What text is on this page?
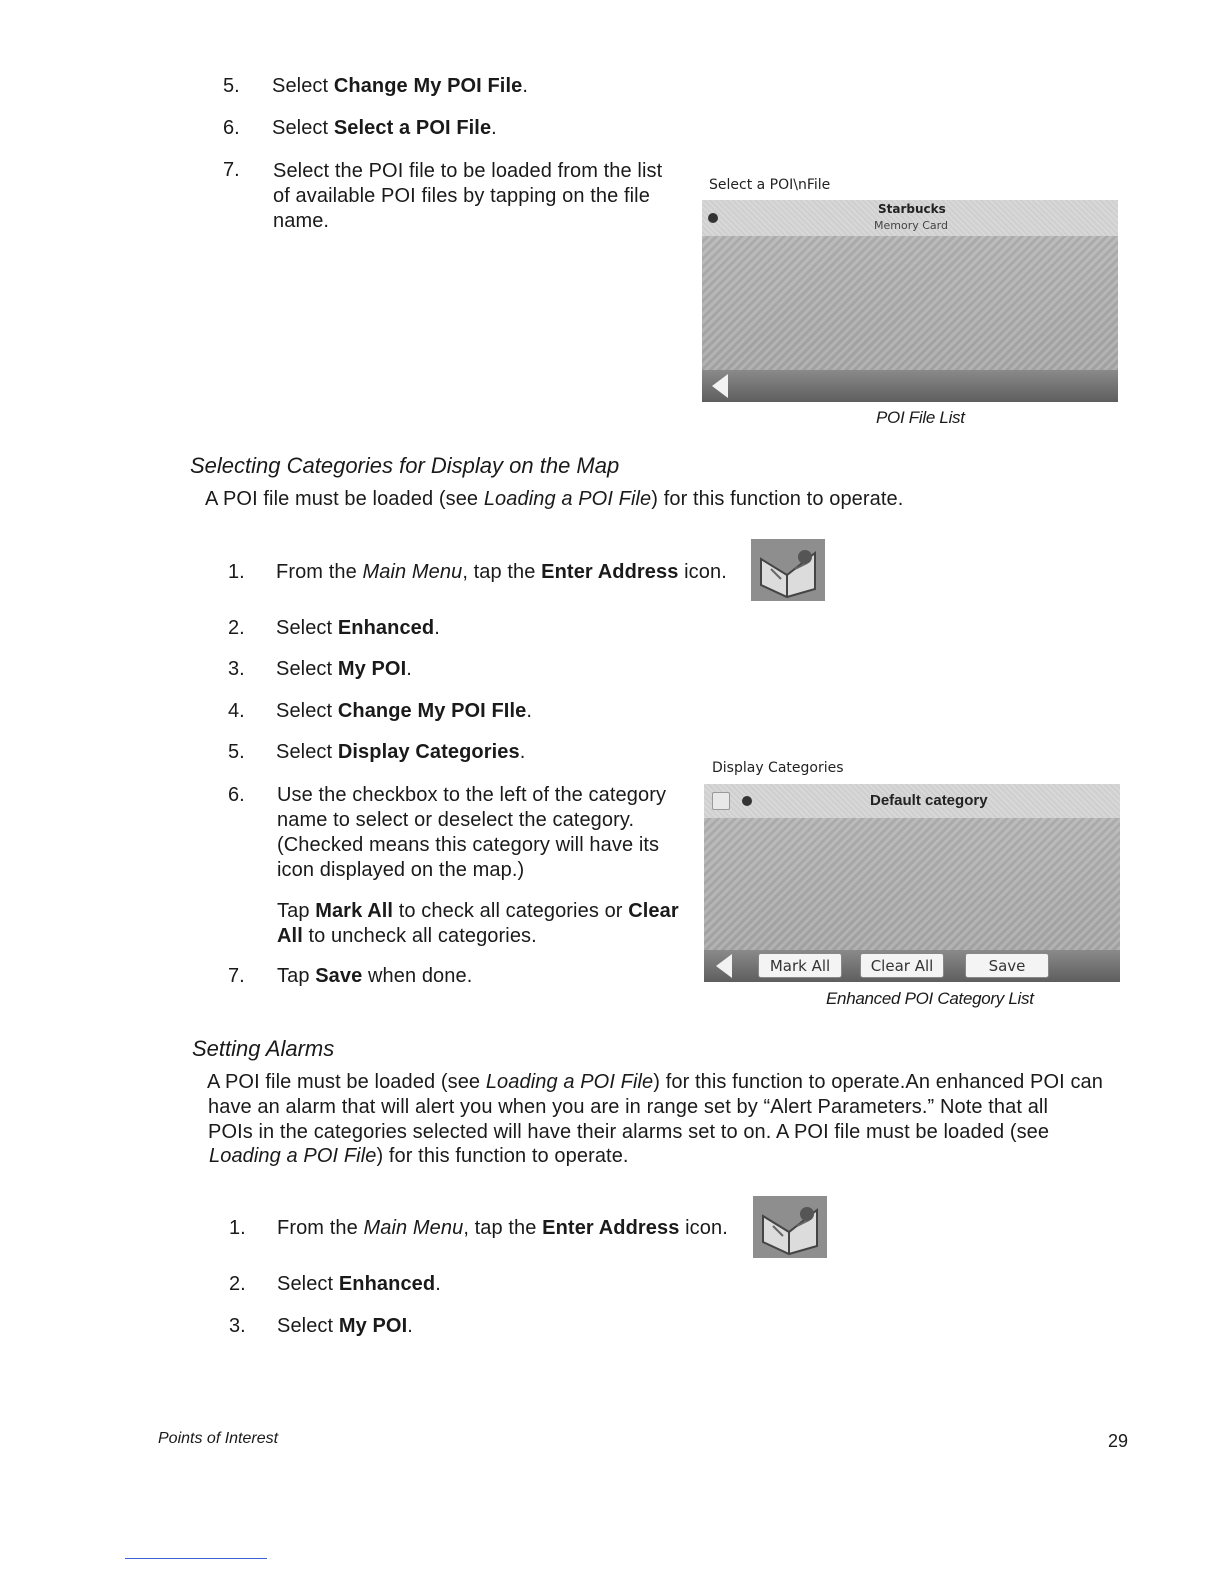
5. Select Change My POI File.
6. Select Select a POI File.
7. Select the POI file to be loaded from the list
of available POI files by tapping on the file
name.
Select a POI\nFile
Starbucks
Memory Card
POI File List
Selecting Categories for Display on the Map
A POI file must be loaded (see Loading a POI File) for this function to operate.
1. From the Main Menu, tap the Enter Address icon.
2. Select Enhanced.
3. Select My POI.
4. Select Change My POI FIle.
5. Select Display Categories.
6. Use the checkbox to the left of the category
name to select or deselect the category.
(Checked means this category will have its
icon displayed on the map.)
Tap Mark All to check all categories or Clear
All to uncheck all categories.
7. Tap Save when done.
Display Categories
Default category
Mark All	Clear All	Save
Enhanced POI Category List
Setting Alarms
A POI file must be loaded (see Loading a POI File) for this function to operate.An enhanced POI can
have an alarm that will alert you when you are in range set by “Alert Parameters.” Note that all
POIs in the categories selected will have their alarms set to on. A POI file must be loaded (see
Loading a POI File) for this function to operate.
1. From the Main Menu, tap the Enter Address icon.
2. Select Enhanced.
3. Select My POI.
Points of Interest	29
